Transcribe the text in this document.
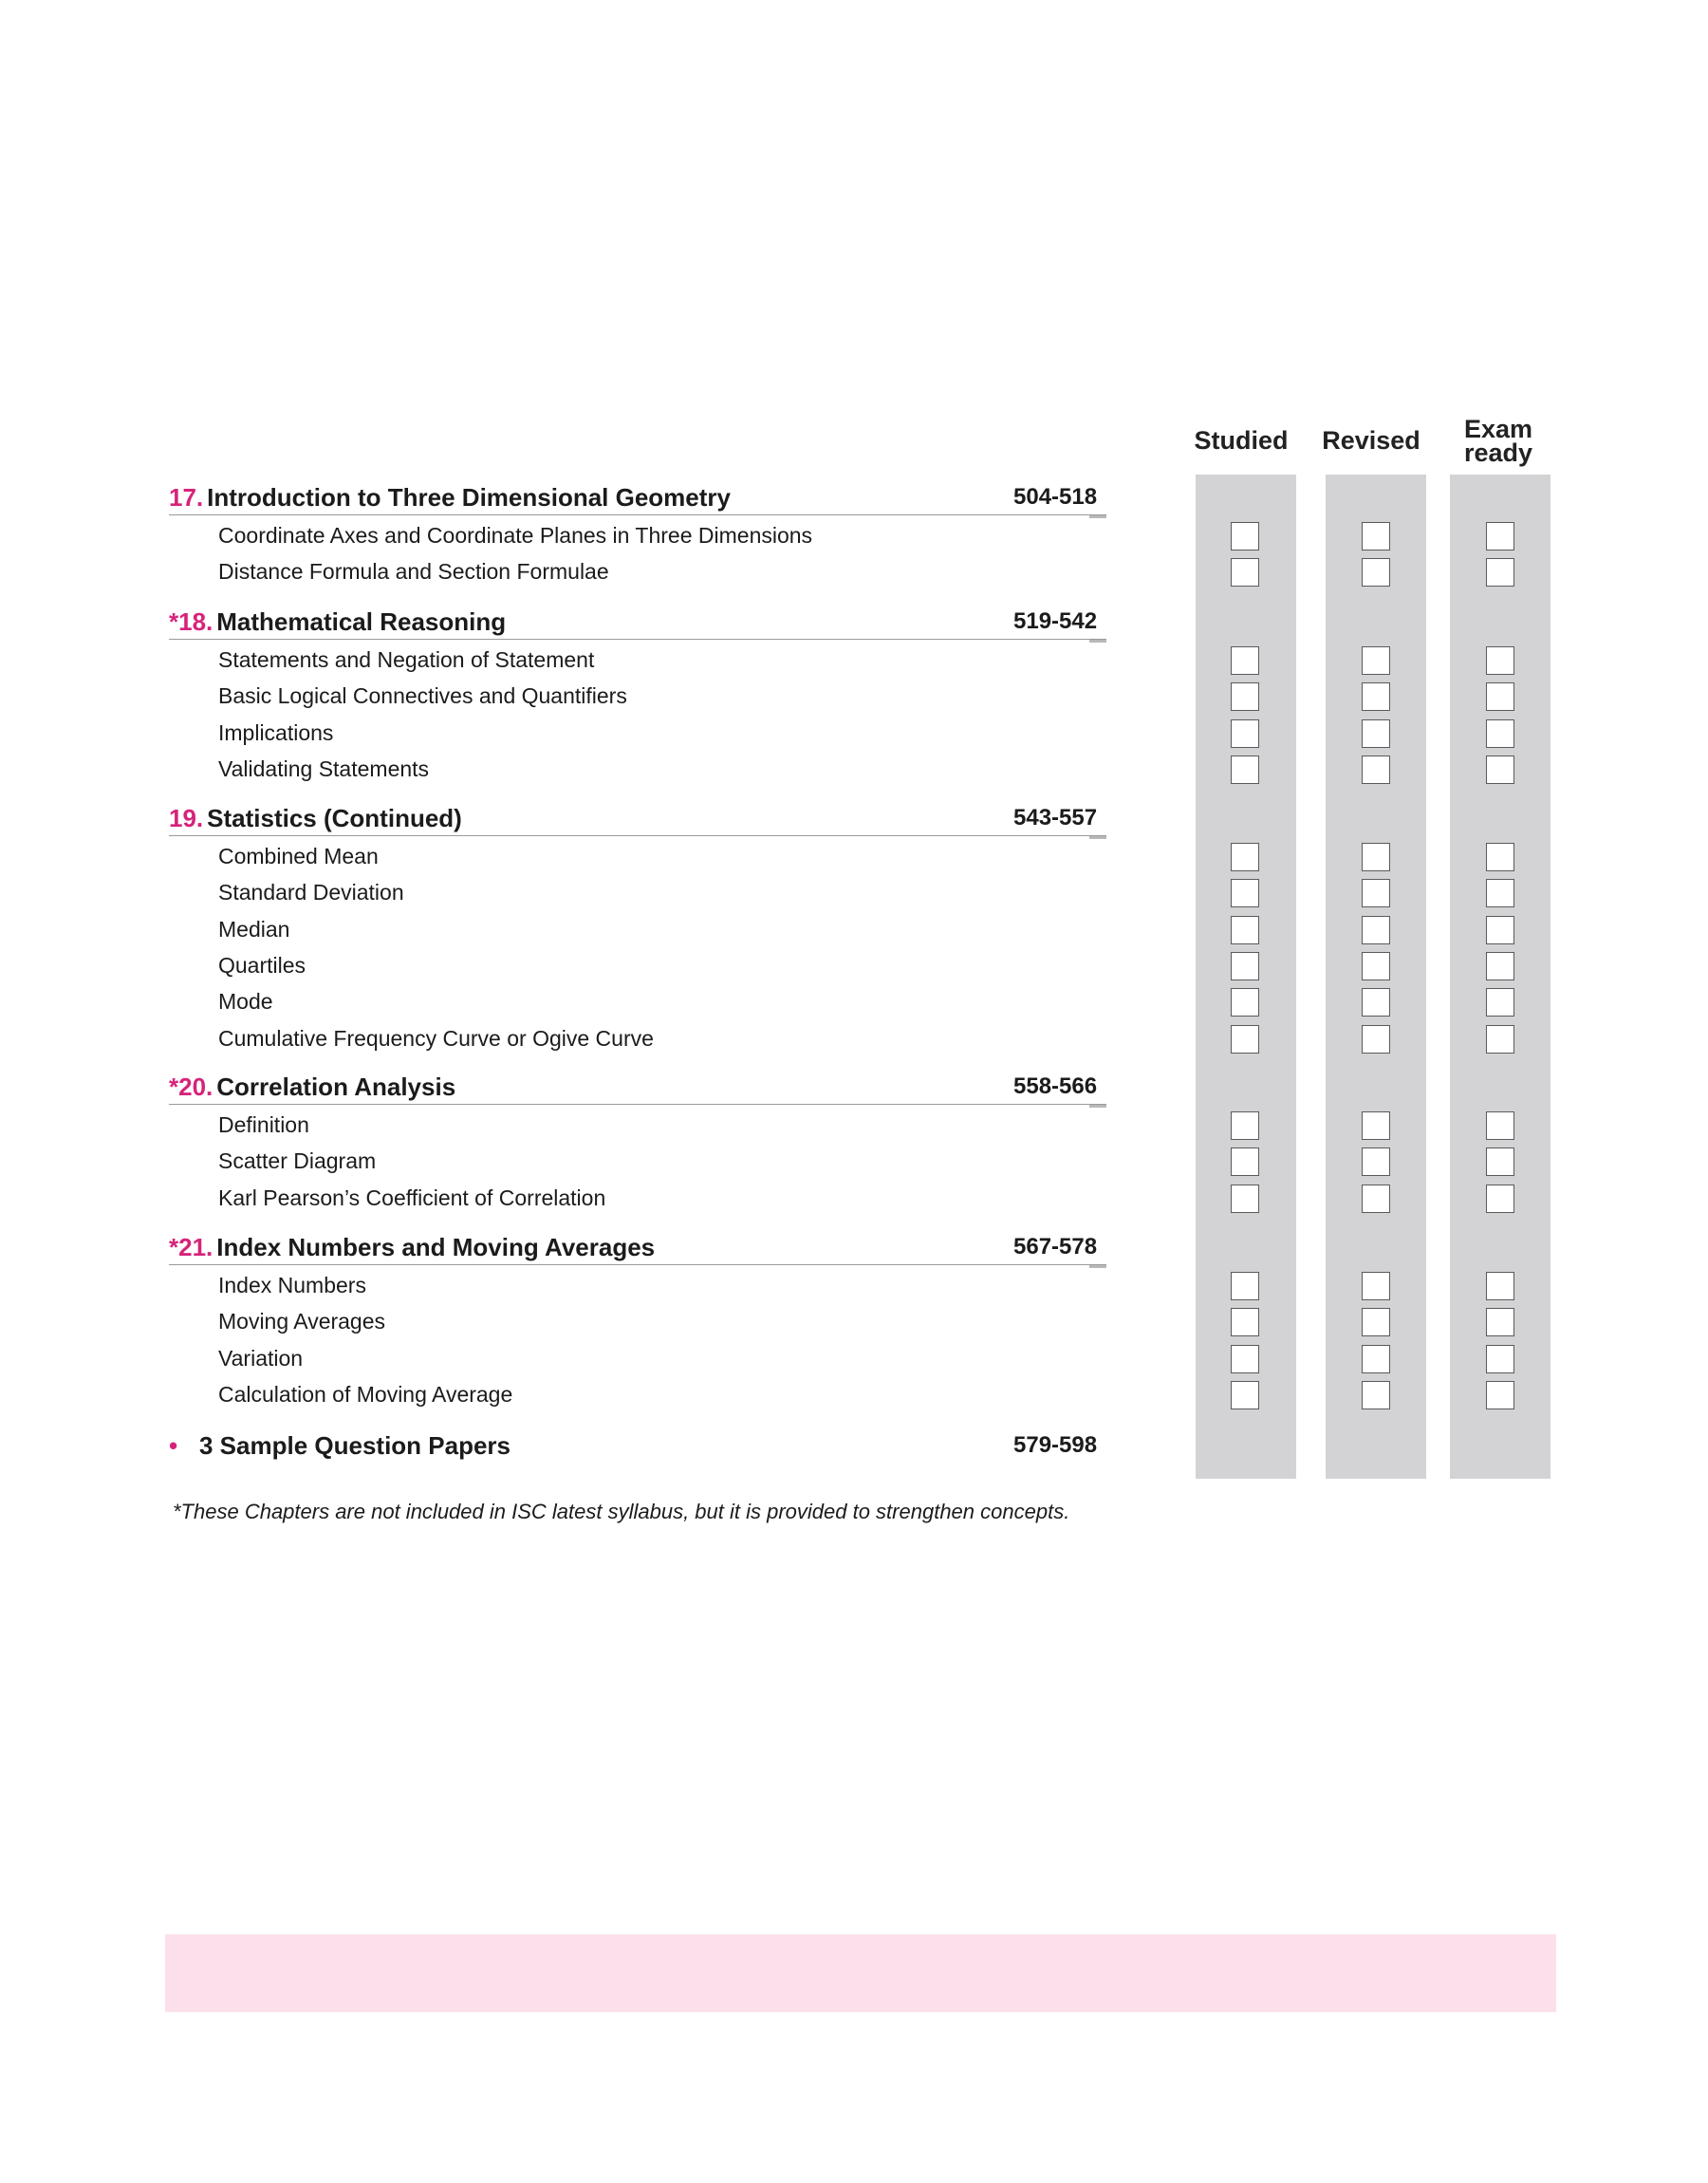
Studied Revised	Exam
ready
17. Introduction to Three Dimensional Geometry	504-518
Coordinate Axes and Coordinate Planes in Three Dimensions
Distance Formula and Section Formulae
*18. Mathematical Reasoning	519-542
Statements and Negation of Statement
Basic Logical Connectives and Quantifiers
Implications
Validating Statements
19. Statistics (Continued)	543-557
Combined Mean
Standard Deviation
Median
Quartiles
Mode
Cumulative Frequency Curve or Ogive Curve
*20. Correlation Analysis	558-566
Definition
Scatter Diagram
Karl Pearson’s Coefficient of Correlation
*21. Index Numbers and Moving Averages	567-578
Index Numbers
Moving Averages
Variation
Calculation of Moving Average
• 3 Sample Question Papers	579-598
*These Chapters are not included in ISC latest syllabus, but it is provided to strengthen concepts.
